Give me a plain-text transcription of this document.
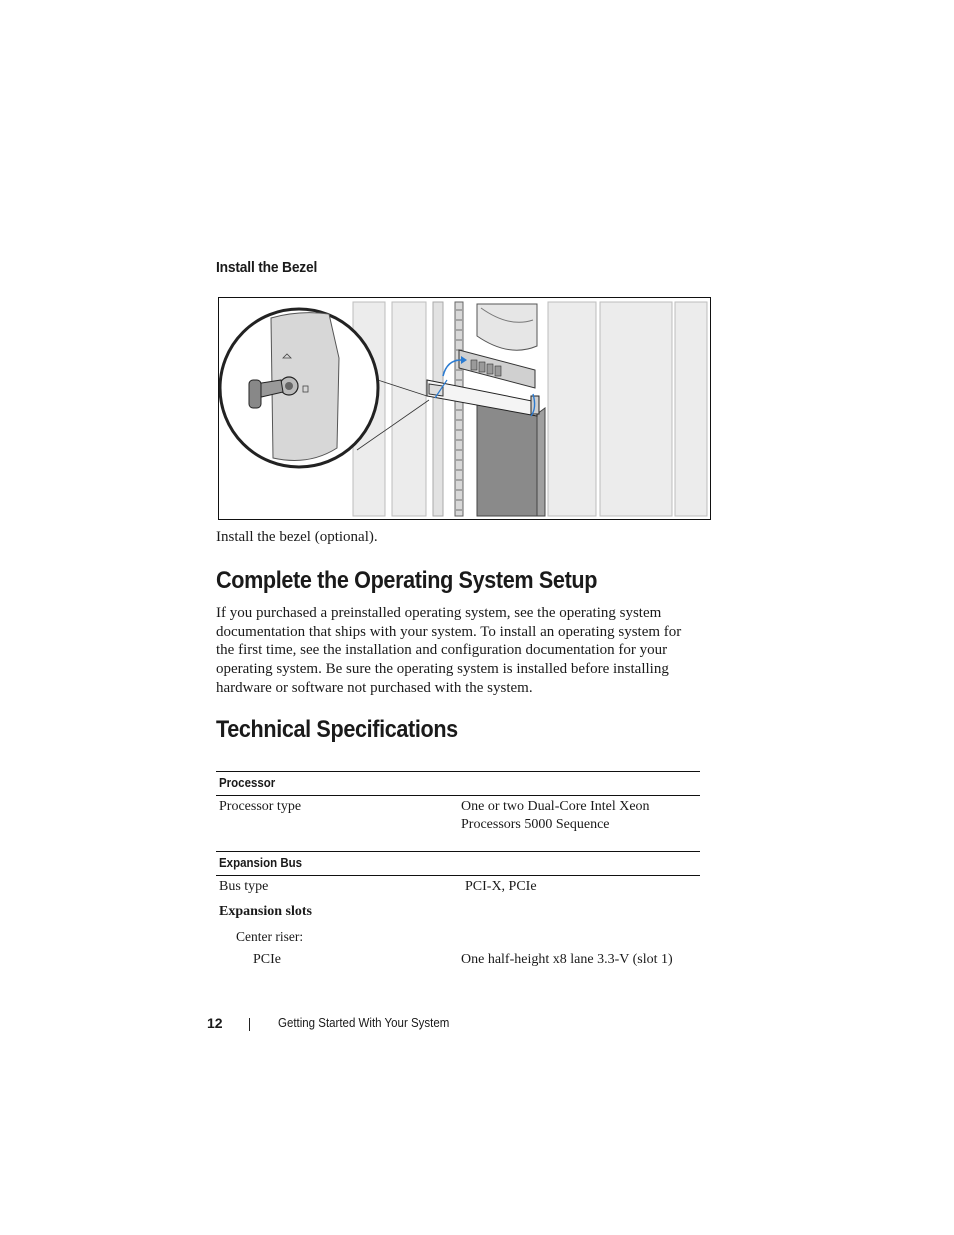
Install the Bezel
Install the bezel (optional).
Complete the Operating System Setup
If you purchased a preinstalled operating system, see the operating system
documentation that ships with your system. To install an operating system for
the first time, see the installation and configuration documentation for your
operating system. Be sure the operating system is installed before installing
hardware or software not purchased with the system.
Technical Specifications
Processor
Processor type	One or two Dual-Core Intel Xeon
Processors 5000 Sequence
Expansion Bus
Bus type	PCI-X, PCIe
Expansion slots
Center riser:
PCIe	One half-height x8 lane 3.3-V (slot 1)
12	Getting Started With Your System
